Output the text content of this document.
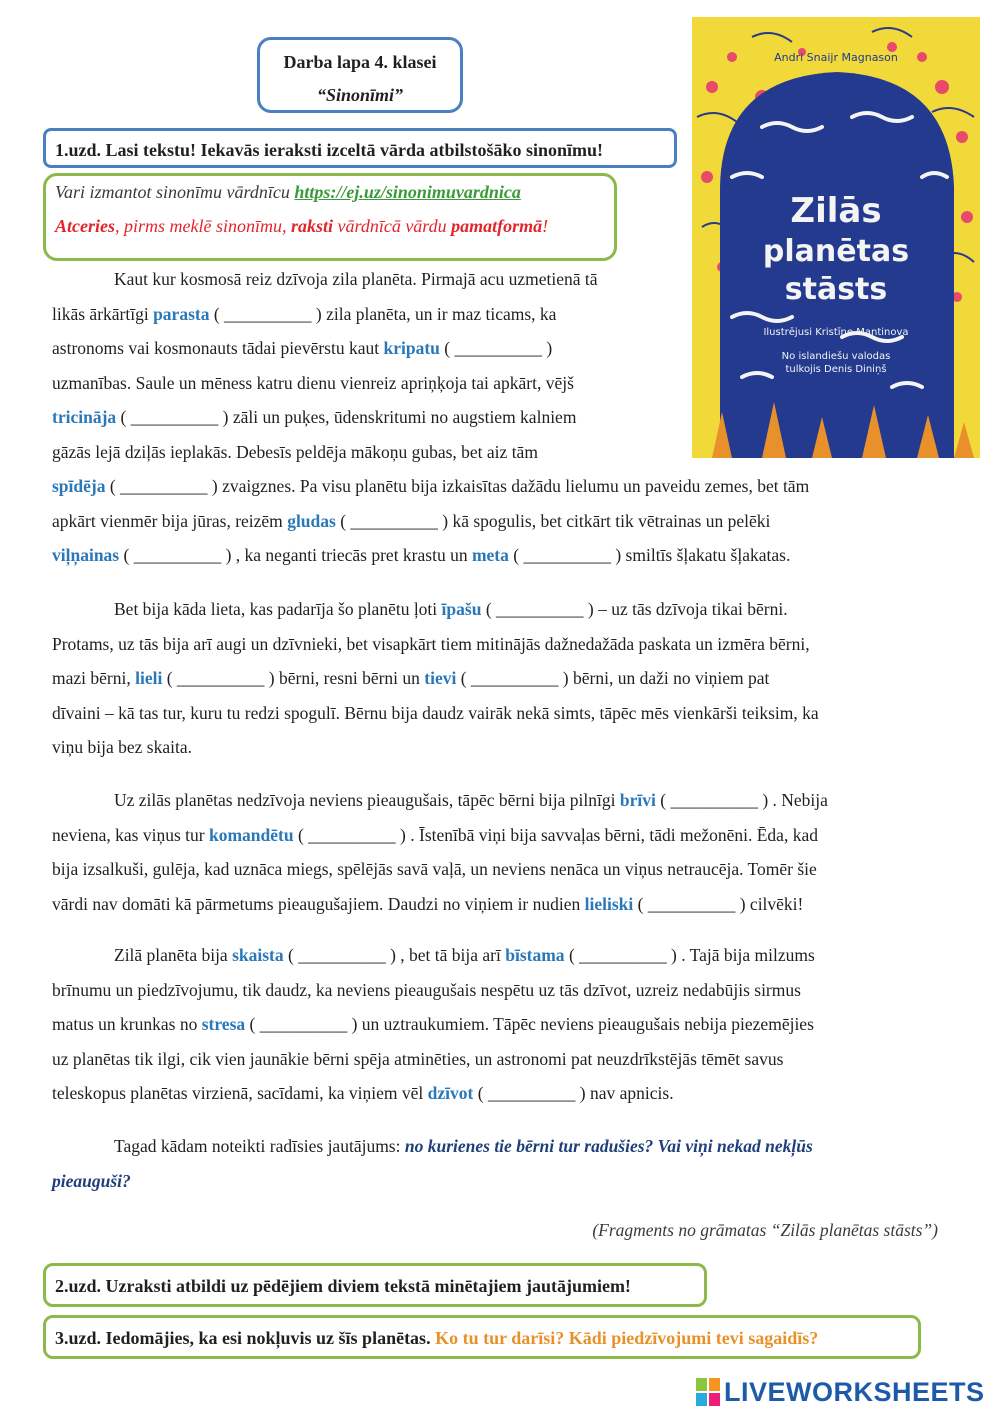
Darba lapa 4. klasei
“Sinonīmi”
1.uzd. Lasi tekstu! Iekavās ieraksti izceltā vārda atbilstošāko sinonīmu!
Vari izmantot sinonīmu vārdnīcu https://ej.uz/sinonimuvardnica
Atceries, pirms meklē sinonīmu, raksti vārdnīcā vārdu pamatformā!
Andri Snaijr Magnason
Zilās
planētas
stāsts
Ilustrējusi Kristīne Mantinova
No islandiešu valodas
tulkojis Denis Diniņš
Kaut kur kosmosā reiz dzīvoja zila planēta. Pirmajā acu uzmetienā tā
likās ārkārtīgi parasta ( __________ ) zila planēta, un ir maz ticams, ka
astronoms vai kosmonauts tādai pievērstu kaut kripatu ( __________ )
uzmanības. Saule un mēness katru dienu vienreiz apriņķoja tai apkārt, vējš
tricināja ( __________ ) zāli un puķes, ūdenskritumi no augstiem kalniem
gāzās lejā dziļās ieplakās. Debesīs peldēja mākoņu gubas, bet aiz tām
spīdēja ( __________ ) zvaigznes. Pa visu planētu bija izkaisītas dažādu lielumu un paveidu zemes, bet tām
apkārt vienmēr bija jūras, reizēm gludas ( __________ ) kā spogulis, bet citkārt tik vētrainas un pelēki
viļņainas ( __________ ) , ka neganti triecās pret krastu un meta ( __________ ) smiltīs šļakatu šļakatas.
Bet bija kāda lieta, kas padarīja šo planētu ļoti īpašu ( __________ ) – uz tās dzīvoja tikai bērni.
Protams, uz tās bija arī augi un dzīvnieki, bet visapkārt tiem mitinājās dažnedažāda paskata un izmēra bērni,
mazi bērni, lieli ( __________ ) bērni, resni bērni un tievi ( __________ ) bērni, un daži no viņiem pat
dīvaini – kā tas tur, kuru tu redzi spogulī. Bērnu bija daudz vairāk nekā simts, tāpēc mēs vienkārši teiksim, ka
viņu bija bez skaita.
Uz zilās planētas nedzīvoja neviens pieaugušais, tāpēc bērni bija pilnīgi brīvi ( __________ ) . Nebija
neviena, kas viņus tur komandētu ( __________ ) . Īstenībā viņi bija savvaļas bērni, tādi mežonēni. Ēda, kad
bija izsalkuši, gulēja, kad uznāca miegs, spēlējās savā vaļā, un neviens nenāca un viņus netraucēja. Tomēr šie
vārdi nav domāti kā pārmetums pieaugušajiem. Daudzi no viņiem ir nudien lieliski ( __________ ) cilvēki!
Zilā planēta bija skaista ( __________ ) , bet tā bija arī bīstama ( __________ ) . Tajā bija milzums
brīnumu un piedzīvojumu, tik daudz, ka neviens pieaugušais nespētu uz tās dzīvot, uzreiz nedabūjis sirmus
matus un krunkas no stresa ( __________ ) un uztraukumiem. Tāpēc neviens pieaugušais nebija piezemējies
uz planētas tik ilgi, cik vien jaunākie bērni spēja atminēties, un astronomi pat neuzdrīkstējās tēmēt savus
teleskopus planētas virzienā, sacīdami, ka viņiem vēl dzīvot ( __________ ) nav apnicis.
Tagad kādam noteikti radīsies jautājums: no kurienes tie bērni tur radušies? Vai viņi nekad nekļūs
pieauguši?
(Fragments no grāmatas “Zilās planētas stāsts”)
2.uzd. Uzraksti atbildi uz pēdējiem diviem tekstā minētajiem jautājumiem!
3.uzd. Iedomājies, ka esi nokļuvis uz šīs planētas. Ko tu tur darīsi? Kādi piedzīvojumi tevi sagaidīs?
LIVEWORKSHEETS
